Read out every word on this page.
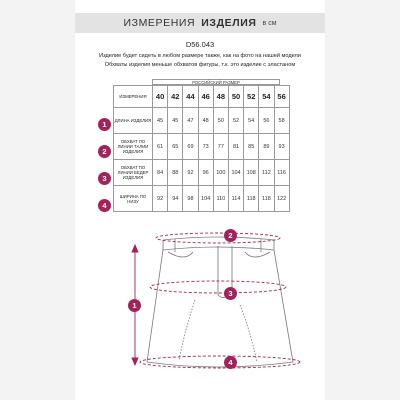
ИЗМЕРЕНИЯ ИЗДЕЛИЯ в см
D56.043
Изделие будет сидеть в любом размере также, как на фото на нашей модели
Обхваты изделия меньше обхватов фигуры, т.к. это изделие с эластаном
РОССИЙСКИЙ РАЗМЕР
ИЗМЕРЕНИЯ	40	42	44	46	48	50	52	54	56
ДЛИНА ИЗДЕЛИЯ	45	45	47	48	50	52	54	56	58
ОБХВАТ ПО ЛИНИИ ТАЛИИ ИЗДЕЛИЯ	61	65	69	73	77	81	85	89	93
ОБХВАТ ПО ЛИНИИ БЕДЕР ИЗДЕЛИЯ	84	88	92	96	100	104	108	112	116
ШИРИНА ПО НИЗУ	92	94	98	104	110	114	118	118	122
1
2
3
4
1
2
3
4
